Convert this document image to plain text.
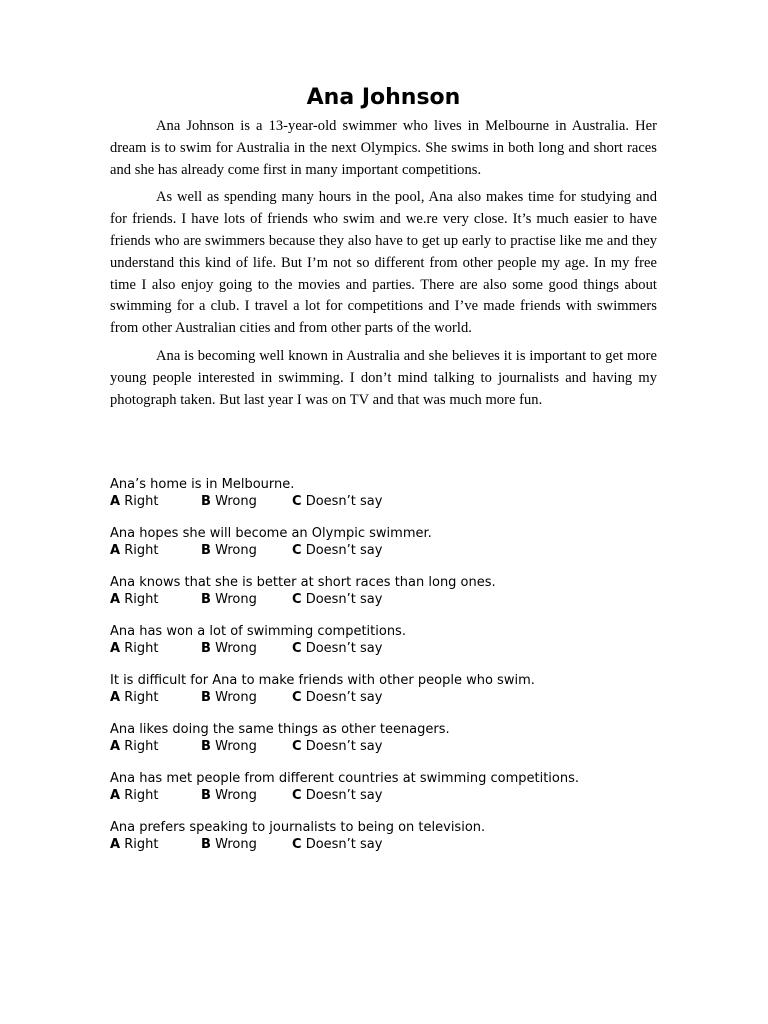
Ana Johnson

Ana Johnson is a 13-year-old swimmer who lives in Melbourne in Australia. Her dream is to swim for Australia in the next Olympics. She swims in both long and short races and she has already come first in many important competitions.

As well as spending many hours in the pool, Ana also makes time for studying and for friends. I have lots of friends who swim and we.re very close. It’s much easier to have friends who are swimmers because they also have to get up early to practise like me and they understand this kind of life. But I’m not so different from other people my age. In my free time I also enjoy going to the movies and parties. There are also some good things about swimming for a club. I travel a lot for competitions and I’ve made friends with swimmers from other Australian cities and from other parts of the world.

Ana is becoming well known in Australia and she believes it is important to get more young people interested in swimming. I don’t mind talking to journalists and having my photograph taken. But last year I was on TV and that was much more fun.

Ana’s home is in Melbourne.
A Right	B Wrong	C Doesn’t say
Ana hopes she will become an Olympic swimmer.
A Right	B Wrong	C Doesn’t say
Ana knows that she is better at short races than long ones.
A Right	B Wrong	C Doesn’t say
Ana has won a lot of swimming competitions.
A Right	B Wrong	C Doesn’t say
It is difficult for Ana to make friends with other people who swim.
A Right	B Wrong	C Doesn’t say
Ana likes doing the same things as other teenagers.
A Right	B Wrong	C Doesn’t say
Ana has met people from different countries at swimming competitions.
A Right	B Wrong	C Doesn’t say
Ana prefers speaking to journalists to being on television.
A Right	B Wrong	C Doesn’t say
